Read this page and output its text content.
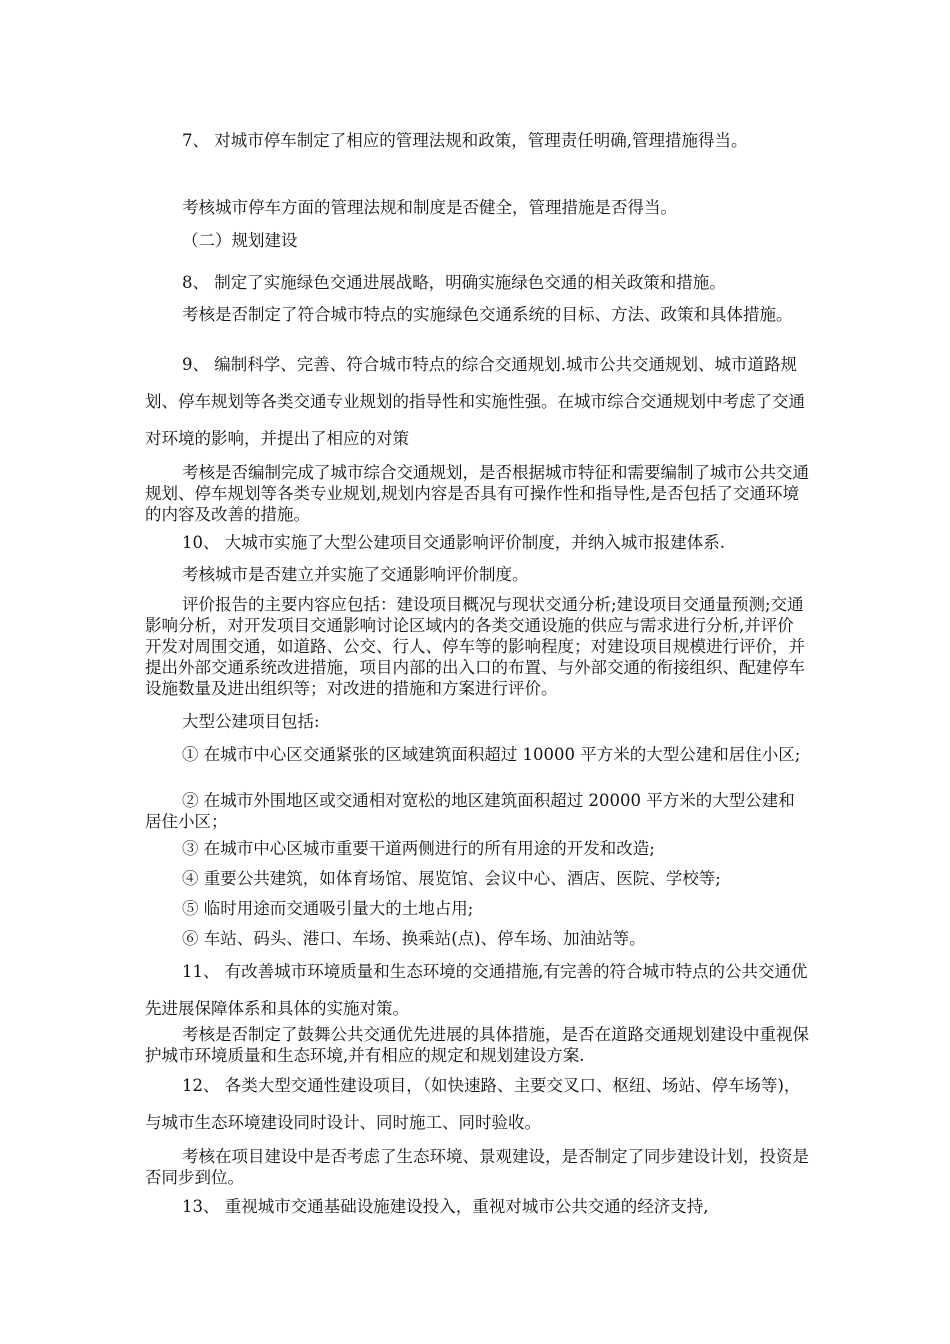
7、 对城市停车制定了相应的管理法规和政策，管理责任明确,管理措施得当。

考核城市停车方面的管理法规和制度是否健全，管理措施是否得当。

（二）规划建设

8、 制定了实施绿色交通进展战略，明确实施绿色交通的相关政策和措施。

考核是否制定了符合城市特点的实施绿色交通系统的目标、方法、政策和具体措施。

9、 编制科学、完善、符合城市特点的综合交通规划.城市公共交通规划、城市道路规划、停车规划等各类交通专业规划的指导性和实施性强。在城市综合交通规划中考虑了交通对环境的影响，并提出了相应的对策

考核是否编制完成了城市综合交通规划，是否根据城市特征和需要编制了城市公共交通规划、停车规划等各类专业规划,规划内容是否具有可操作性和指导性,是否包括了交通环境的内容及改善的措施。

10、 大城市实施了大型公建项目交通影响评价制度，并纳入城市报建体系.

考核城市是否建立并实施了交通影响评价制度。

评价报告的主要内容应包括：建设项目概况与现状交通分析;建设项目交通量预测;交通影响分析，对开发项目交通影响讨论区域内的各类交通设施的供应与需求进行分析,并评价开发对周围交通，如道路、公交、行人、停车等的影响程度；对建设项目规模进行评价，并提出外部交通系统改进措施，项目内部的出入口的布置、与外部交通的衔接组织、配建停车设施数量及进出组织等；对改进的措施和方案进行评价。

大型公建项目包括:

① 在城市中心区交通紧张的区域建筑面积超过 10000 平方米的大型公建和居住小区;

② 在城市外围地区或交通相对宽松的地区建筑面积超过 20000 平方米的大型公建和居住小区；

③ 在城市中心区城市重要干道两侧进行的所有用途的开发和改造;

④ 重要公共建筑，如体育场馆、展览馆、会议中心、酒店、医院、学校等;

⑤ 临时用途而交通吸引量大的土地占用;

⑥ 车站、码头、港口、车场、换乘站(点)、停车场、加油站等。

11、 有改善城市环境质量和生态环境的交通措施,有完善的符合城市特点的公共交通优先进展保障体系和具体的实施对策。

考核是否制定了鼓舞公共交通优先进展的具体措施，是否在道路交通规划建设中重视保护城市环境质量和生态环境,并有相应的规定和规划建设方案.

12、 各类大型交通性建设项目，（如快速路、主要交叉口、枢纽、场站、停车场等)，与城市生态环境建设同时设计、同时施工、同时验收。

考核在项目建设中是否考虑了生态环境、景观建设，是否制定了同步建设计划，投资是否同步到位。

13、 重视城市交通基础设施建设投入，重视对城市公共交通的经济支持,
